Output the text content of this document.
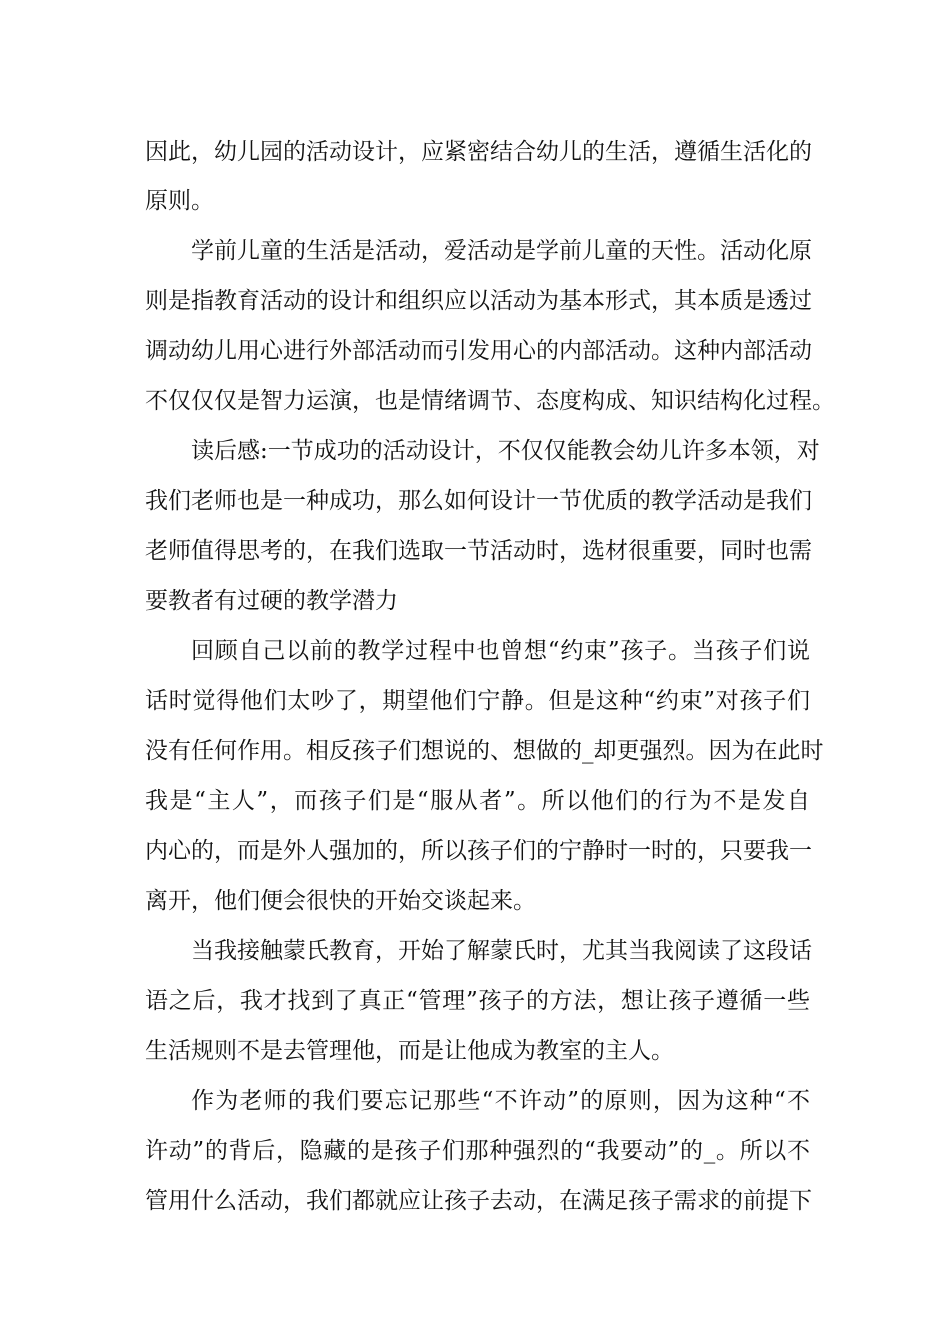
因此，幼儿园的活动设计，应紧密结合幼儿的生活，遵循生活化的
原则。
学前儿童的生活是活动，爱活动是学前儿童的天性。活动化原
则是指教育活动的设计和组织应以活动为基本形式，其本质是透过
调动幼儿用心进行外部活动而引发用心的内部活动。这种内部活动
不仅仅仅是智力运演，也是情绪调节、态度构成、知识结构化过程。
读后感:一节成功的活动设计，不仅仅能教会幼儿许多本领，对
我们老师也是一种成功，那么如何设计一节优质的教学活动是我们
老师值得思考的，在我们选取一节活动时，选材很重要，同时也需
要教者有过硬的教学潜力
回顾自己以前的教学过程中也曾想“约束”孩子。当孩子们说
话时觉得他们太吵了，期望他们宁静。但是这种“约束”对孩子们
没有任何作用。相反孩子们想说的、想做的_却更强烈。因为在此时
我是“主人”，而孩子们是“服从者”。所以他们的行为不是发自
内心的，而是外人强加的，所以孩子们的宁静时一时的，只要我一
离开，他们便会很快的开始交谈起来。
当我接触蒙氏教育，开始了解蒙氏时，尤其当我阅读了这段话
语之后，我才找到了真正“管理”孩子的方法，想让孩子遵循一些
生活规则不是去管理他，而是让他成为教室的主人。
作为老师的我们要忘记那些“不许动”的原则，因为这种“不
许动”的背后，隐藏的是孩子们那种强烈的“我要动”的_。所以不
管用什么活动，我们都就应让孩子去动，在满足孩子需求的前提下
